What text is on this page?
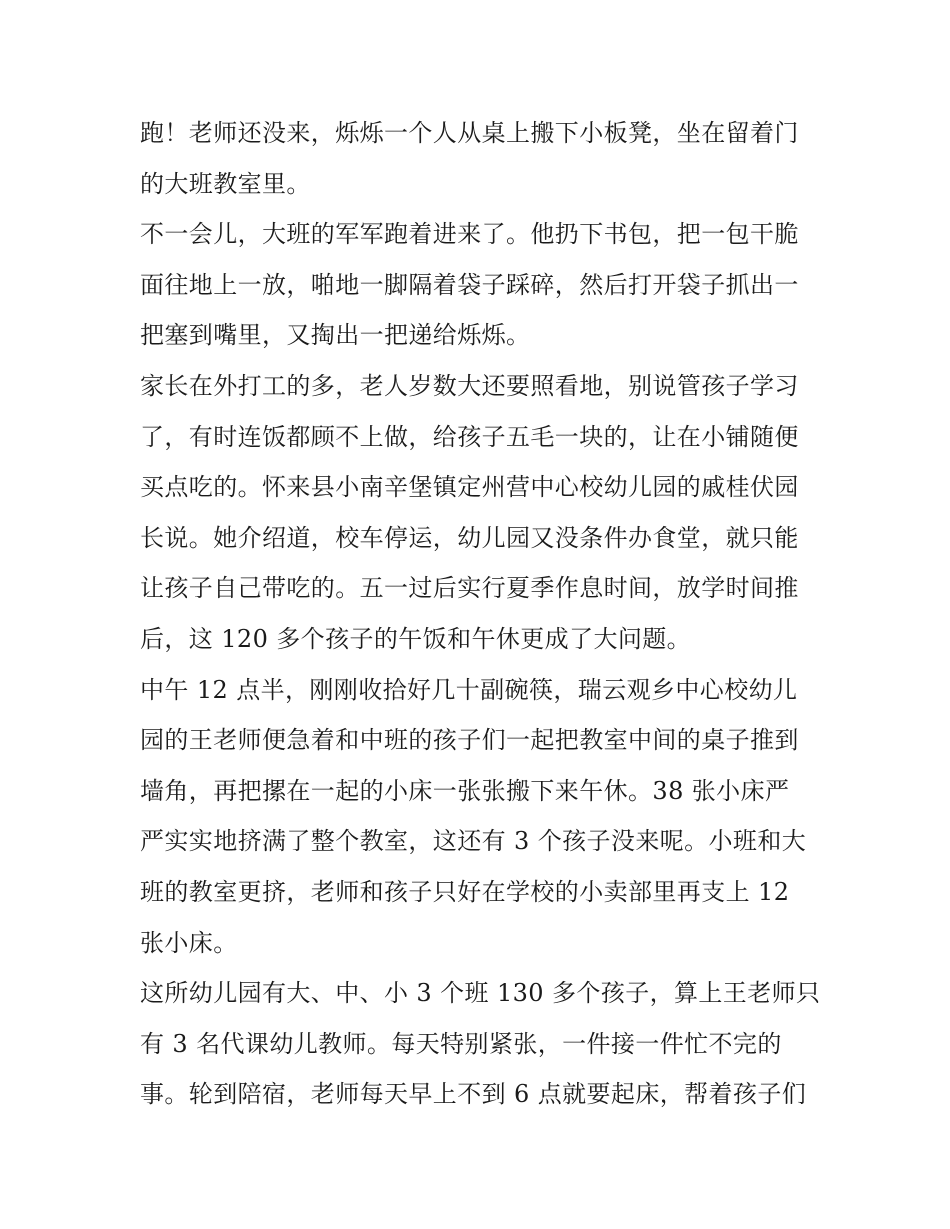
跑！老师还没来，烁烁一个人从桌上搬下小板凳，坐在留着门
的大班教室里。
不一会儿，大班的军军跑着进来了。他扔下书包，把一包干脆
面往地上一放，啪地一脚隔着袋子踩碎，然后打开袋子抓出一
把塞到嘴里，又掏出一把递给烁烁。
家长在外打工的多，老人岁数大还要照看地，别说管孩子学习
了，有时连饭都顾不上做，给孩子五毛一块的，让在小铺随便
买点吃的。怀来县小南辛堡镇定州营中心校幼儿园的戚桂伏园
长说。她介绍道，校车停运，幼儿园又没条件办食堂，就只能
让孩子自己带吃的。五一过后实行夏季作息时间，放学时间推
后，这 120 多个孩子的午饭和午休更成了大问题。
中午 12 点半，刚刚收拾好几十副碗筷，瑞云观乡中心校幼儿
园的王老师便急着和中班的孩子们一起把教室中间的桌子推到
墙角，再把摞在一起的小床一张张搬下来午休。38 张小床严
严实实地挤满了整个教室，这还有 3 个孩子没来呢。小班和大
班的教室更挤，老师和孩子只好在学校的小卖部里再支上 12
张小床。
这所幼儿园有大、中、小 3 个班 130 多个孩子，算上王老师只
有 3 名代课幼儿教师。每天特别紧张，一件接一件忙不完的
事。轮到陪宿，老师每天早上不到 6 点就要起床，帮着孩子们
